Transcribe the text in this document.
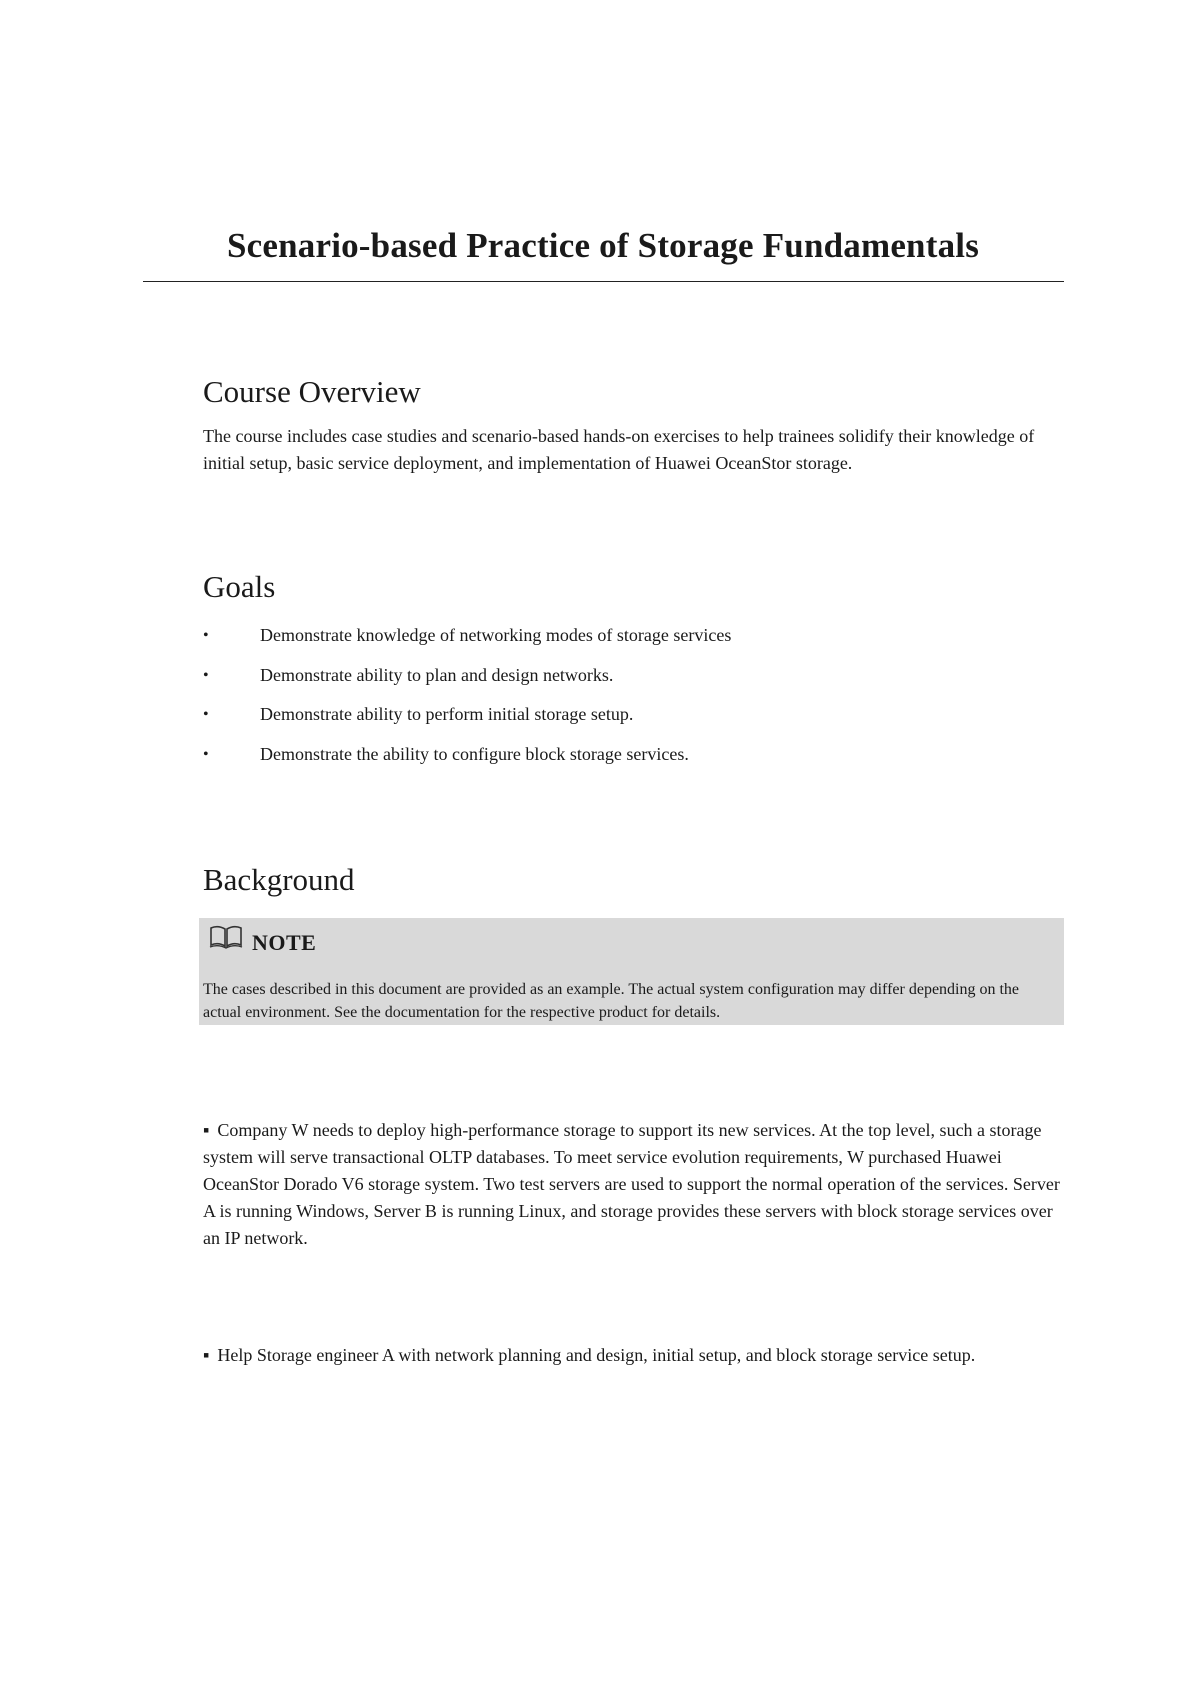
Scenario-based Practice of Storage Fundamentals
Course Overview

The course includes case studies and scenario-based hands-on exercises to help trainees solidify their knowledge of initial setup, basic service deployment, and implementation of Huawei OceanStor storage.

Goals
•	Demonstrate knowledge of networking modes of storage services
•	Demonstrate ability to plan and design networks.
•	Demonstrate ability to perform initial storage setup.
•	Demonstrate the ability to configure block storage services.
Background
NOTE

The cases described in this document are provided as an example. The actual system configuration may differ depending on the actual environment. See the documentation for the respective product for details.

▪ Company W needs to deploy high-performance storage to support its new services. At the top level, such a storage system will serve transactional OLTP databases. To meet service evolution requirements, W purchased Huawei OceanStor Dorado V6 storage system. Two test servers are used to support the normal operation of the services. Server A is running Windows, Server B is running Linux, and storage provides these servers with block storage services over an IP network.

▪ Help Storage engineer A with network planning and design, initial setup, and block storage service setup.
